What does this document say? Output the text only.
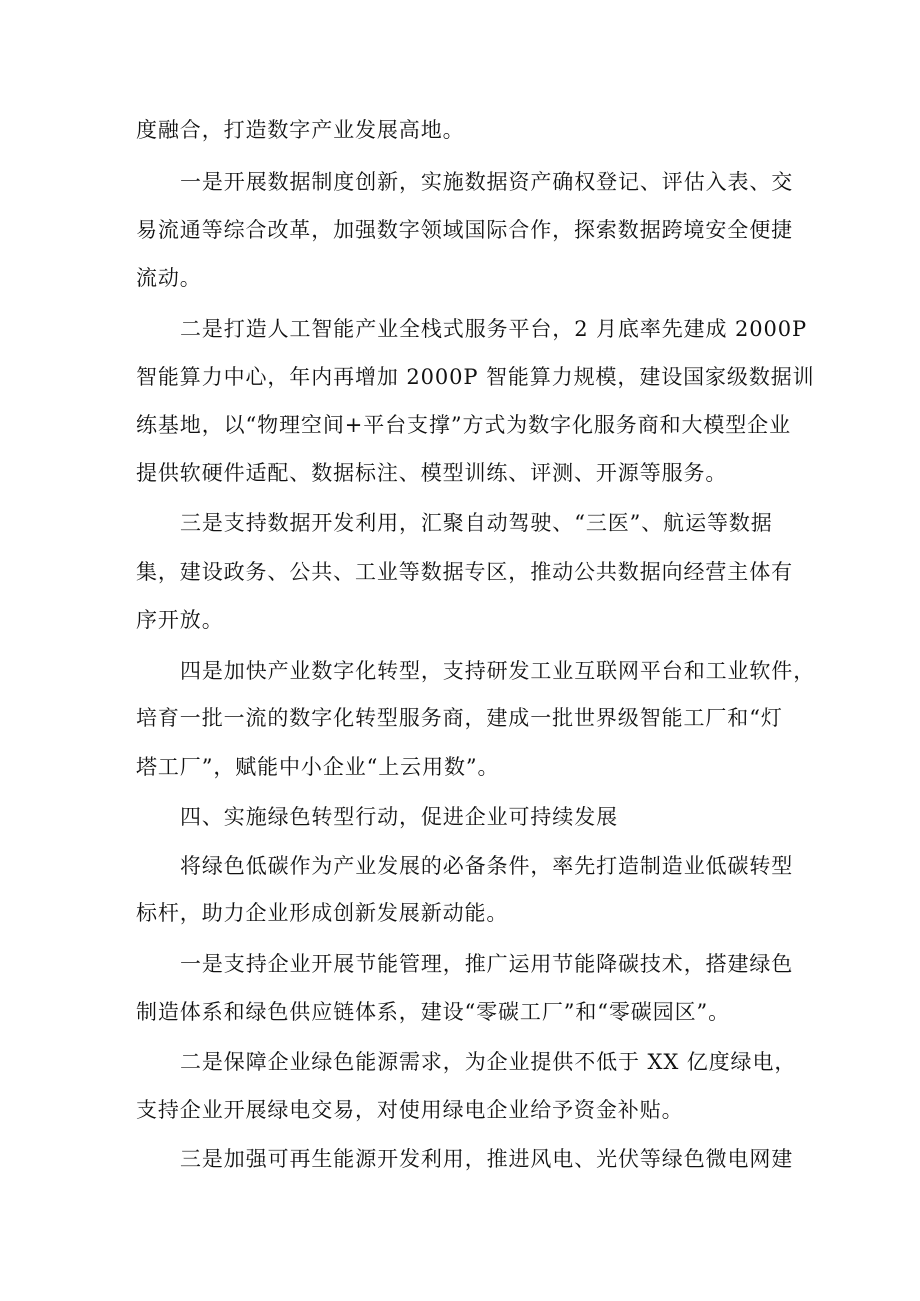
度融合，打造数字产业发展高地。
一是开展数据制度创新，实施数据资产确权登记、评估入表、交
易流通等综合改革，加强数字领域国际合作，探索数据跨境安全便捷
流动。
二是打造人工智能产业全栈式服务平台，2 月底率先建成 2000P
智能算力中心，年内再增加 2000P 智能算力规模，建设国家级数据训
练基地，以“物理空间+平台支撑”方式为数字化服务商和大模型企业
提供软硬件适配、数据标注、模型训练、评测、开源等服务。
三是支持数据开发利用，汇聚自动驾驶、“三医”、航运等数据
集，建设政务、公共、工业等数据专区，推动公共数据向经营主体有
序开放。
四是加快产业数字化转型，支持研发工业互联网平台和工业软件，
培育一批一流的数字化转型服务商，建成一批世界级智能工厂和“灯
塔工厂”，赋能中小企业“上云用数”。
四、实施绿色转型行动，促进企业可持续发展
将绿色低碳作为产业发展的必备条件，率先打造制造业低碳转型
标杆，助力企业形成创新发展新动能。
一是支持企业开展节能管理，推广运用节能降碳技术，搭建绿色
制造体系和绿色供应链体系，建设“零碳工厂”和“零碳园区”。
二是保障企业绿色能源需求，为企业提供不低于 XX 亿度绿电，
支持企业开展绿电交易，对使用绿电企业给予资金补贴。
三是加强可再生能源开发利用，推进风电、光伏等绿色微电网建
